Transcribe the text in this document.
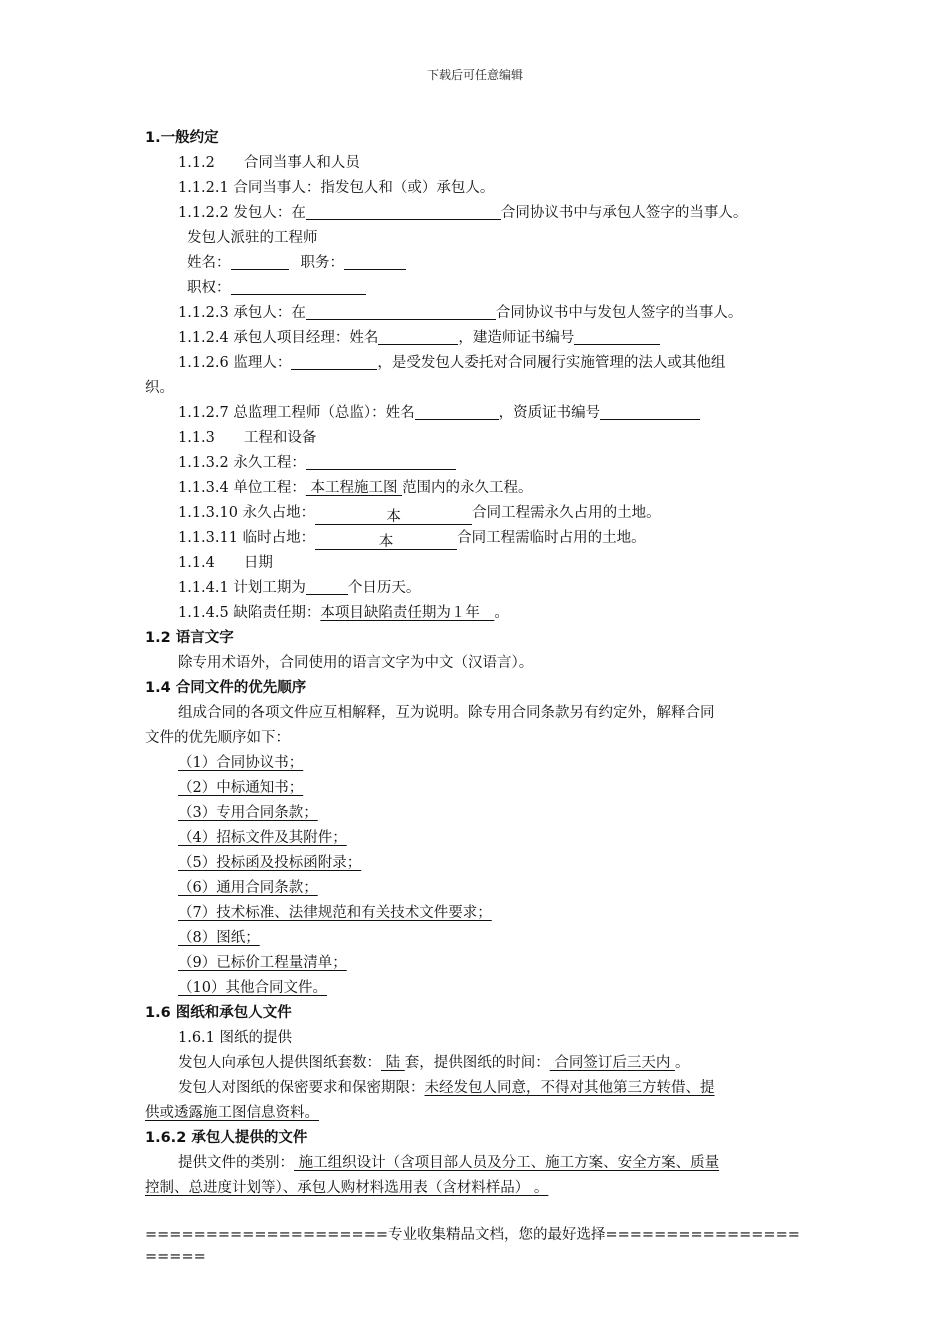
下载后可任意编辑
1.一般约定
1.1.2　　合同当事人和人员
1.1.2.1 合同当事人：指发包人和（或）承包人。
1.1.2.2 发包人：在	合同协议书中与承包人签字的当事人。
发包人派驻的工程师
姓名：	职务：
职权：
1.1.2.3 承包人：在	合同协议书中与发包人签字的当事人。
1.1.2.4 承包人项目经理：姓名	，建造师证书编号
1.1.2.6 监理人：	，是受发包人委托对合同履行实施管理的法人或其他组
织。
1.1.2.7 总监理工程师（总监）：姓名	，资质证书编号
1.1.3　　工程和设备
1.1.3.2 永久工程：
1.1.3.4 单位工程： 本工程施工图 范围内的永久工程。
1.1.3.10 永久占地：	本	合同工程需永久占用的土地。
1.1.3.11 临时占地：	本	合同工程需临时占用的土地。
1.1.4　　日期
1.1.4.1 计划工期为	个日历天。
1.1.4.5 缺陷责任期：本项目缺陷责任期为１年　。
1.2 语言文字
除专用术语外，合同使用的语言文字为中文（汉语言）。
1.4 合同文件的优先顺序
组成合同的各项文件应互相解释，互为说明。除专用合同条款另有约定外，解释合同
文件的优先顺序如下：
（1）合同协议书；
（2）中标通知书；
（3）专用合同条款；
（4）招标文件及其附件；
（5）投标函及投标函附录；
（6）通用合同条款；
（7）技术标准、法律规范和有关技术文件要求；
（8）图纸；
（9）已标价工程量清单；
（10）其他合同文件。
1.6 图纸和承包人文件
1.6.1 图纸的提供
发包人向承包人提供图纸套数： 陆 套，提供图纸的时间： 合同签订后三天内 。
发包人对图纸的保密要求和保密期限：未经发包人同意，不得对其他第三方转借、提
供或透露施工图信息资料。
1.6.2 承包人提供的文件
提供文件的类别： 施工组织设计（含项目部人员及分工、施工方案、安全方案、质量
控制、总进度计划等）、承包人购材料选用表（含材料样品） 。
====================专业收集精品文档，您的最好选择=====================
